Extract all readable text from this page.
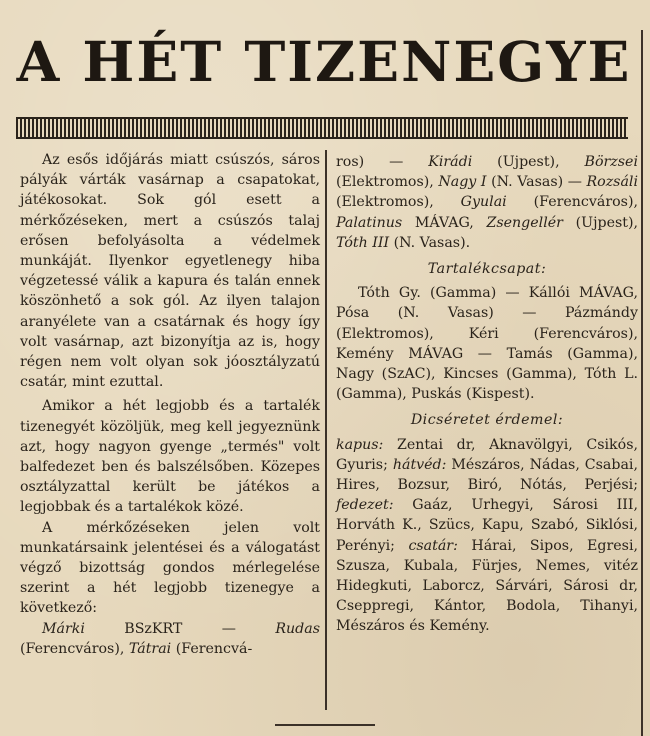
A HÉT TIZENEGYE

Az esős időjárás miatt csúszós, sáros pályák várták vasárnap a csapatokat, játékosokat. Sok gól esett a mérkőzéseken, mert a csúszós talaj erősen befolyásolta a védelmek munkáját. Ilyenkor egyetlenegy hiba végzetessé válik a kapura és talán ennek köszönhető a sok gól. Az ilyen talajon aranyélete van a csatárnak és hogy így volt vasárnap, azt bizonyítja az is, hogy régen nem volt olyan sok jóosztályzatú csatár, mint ezuttal.

Amikor a hét legjobb és a tartalék tizenegyét közöljük, meg kell jegyeznünk azt, hogy nagyon gyenge „termés" volt balfedezet ben és balszélsőben. Közepes osztályzattal került be játékos a legjobbak és a tartalékok közé.

A mérkőzéseken jelen volt munkatársaink jelentései és a válogatást végző bizottság gondos mérlegelése szerint a hét legjobb tizenegye a következő:

Márki BSzKRT — Rudas (Ferencváros), Tátrai (Ferencvá-

ros) — Kirádi (Ujpest), Börzsei (Elektromos), Nagy I (N. Vasas) — Rozsáli (Elektromos), Gyulai (Ferencváros), Palatinus MÁVAG, Zsengellér (Ujpest), Tóth III (N. Vasas).

Tartalékcsapat:

Tóth Gy. (Gamma) — Kállói MÁVAG, Pósa (N. Vasas) — Pázmándy (Elektromos), Kéri (Ferencváros), Kemény MÁVAG — Tamás (Gamma), Nagy (SzAC), Kincses (Gamma), Tóth L. (Gamma), Puskás (Kispest).

Dicséretet érdemel:

kapus: Zentai dr, Aknavölgyi, Csikós, Gyuris; hátvéd: Mészáros, Nádas, Csabai, Hires, Bozsur, Biró, Nótás, Perjési; fedezet: Gaáz, Urhegyi, Sárosi III, Horváth K., Szücs, Kapu, Szabó, Siklósi, Perényi; csatár: Hárai, Sipos, Egresi, Szusza, Kubala, Fürjes, Nemes, vitéz Hidegkuti, Laborcz, Sárvári, Sárosi dr, Cseppregi, Kántor, Bodola, Tihanyi, Mészáros és Kemény.
